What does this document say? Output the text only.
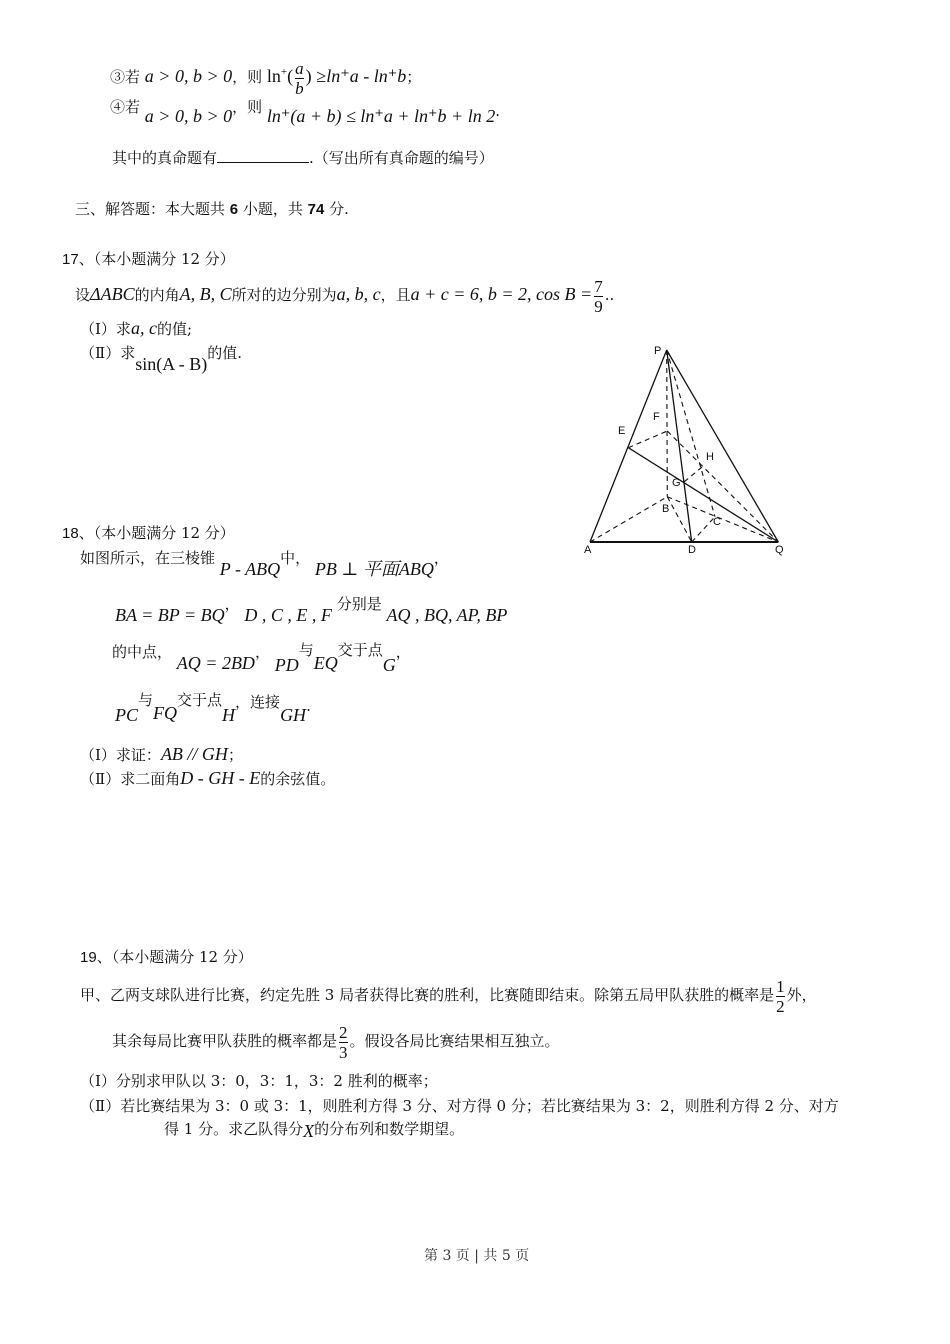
③若 a > 0, b > 0，则 $\ln^+( \frac{a}{b}$ ) ≥ln⁺a - ln⁺b；
④若 a > 0, b > 0，则 ln⁺(a + b) ≤ ln⁺a + ln⁺b + ln 2.
其中的真命题有	.（写出所有真命题的编号）
三、解答题：本大题共 6 小题，共 74 分.
17、（本小题满分 12 分）
设ΔABC的内角A, B, C所对的边分别为a, b, c，且a + c = 6, b = 2, $\cos B = \frac{7}{9}$ ..
（Ⅰ）求a, c的值;
（Ⅱ）求sin(A - B)的值.	P
F
E
H
G
B
C
A	D	Q
18、（本小题满分 12 分）
如图所示，在三棱锥 P - ABQ中， PB ⊥ 平面ABQ，
BA = BP = BQ， D , C , E , F 分别是 AQ , BQ, AP, BP
的中点， AQ = 2BD， PD与EQ交于点G，
PC与FQ交于点H，连接GH.
（Ⅰ）求证：AB // GH；
（Ⅱ）求二面角D - GH - E的余弦值。
19、（本小题满分 12 分）
甲、乙两支球队进行比赛，约定先胜 3 局者获得比赛的胜利，比赛随即结束。除第五局甲队获胜的概率是 $\frac{1}{2}$ 外，
其余每局比赛甲队获胜的概率都是 $\frac{2}{3}$ 。假设各局比赛结果相互独立。
（Ⅰ）分别求甲队以 3：0，3：1，3：2 胜利的概率；
（Ⅱ）若比赛结果为 3：0 或 3：1，则胜利方得 3 分、对方得 0 分；若比赛结果为 3：2，则胜利方得 2 分、对方
得 1 分。求乙队得分X的分布列和数学期望。
第 3 页 | 共 5 页
